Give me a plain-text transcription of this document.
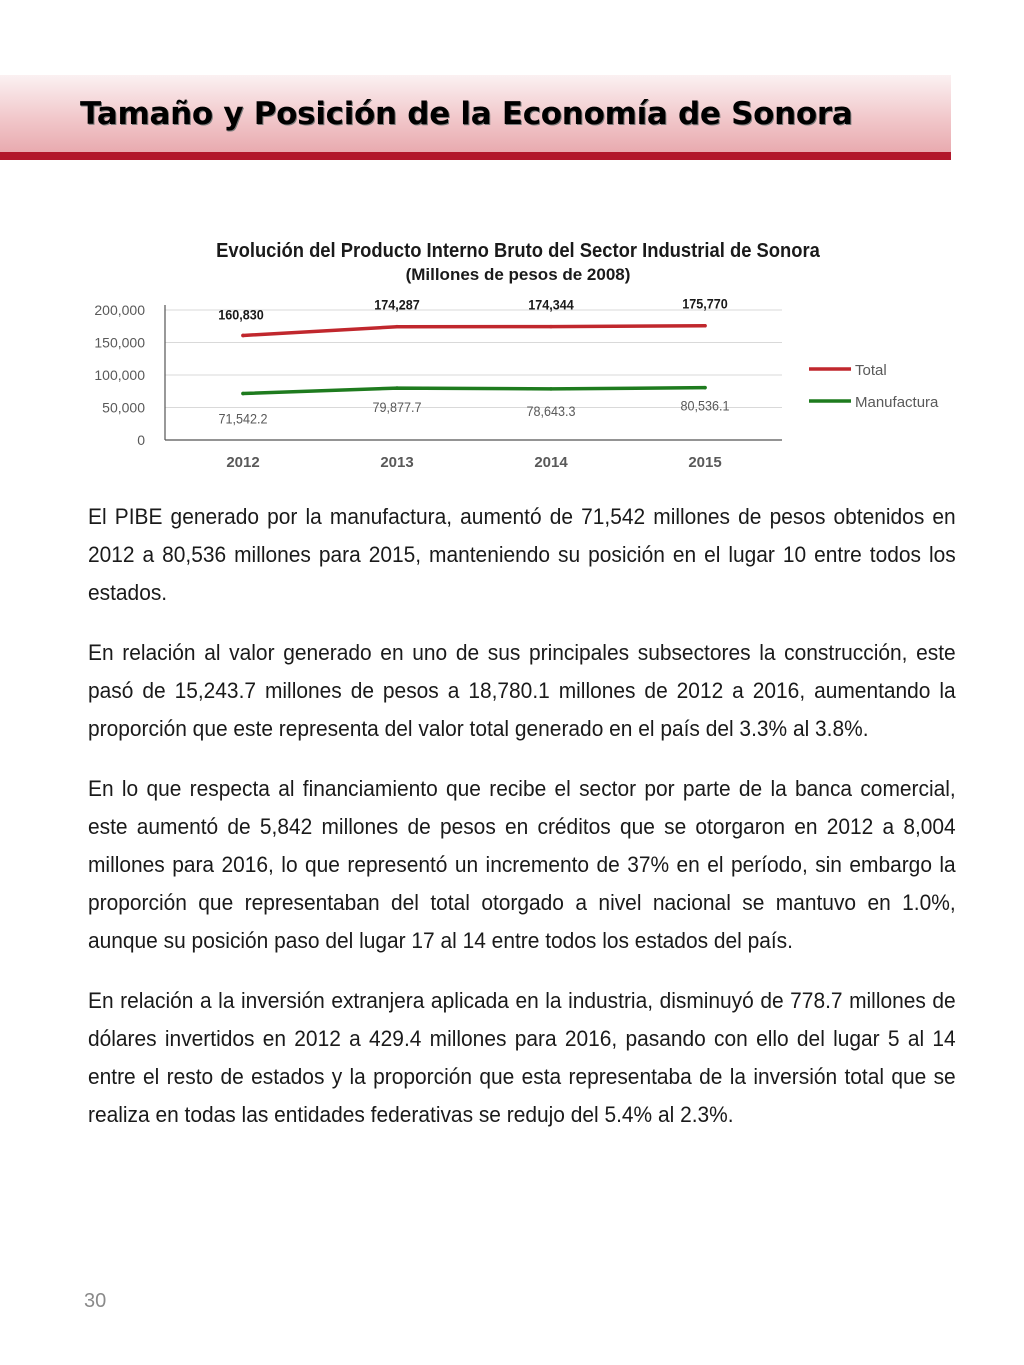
Tamaño y Posición de la Economía de Sonora
Evolución del Producto Interno Bruto del Sector Industrial de Sonora
(Millones de pesos de 2008)
200,000
150,000
100,000
50,000
0
2012	2013	2014	2015
160,830
174,287	174,344	175,770
71,542.2
79,877.7	78,643.3	80,536.1
Total
Manufactura

El PIBE generado por la manufactura, aumentó de 71,542 millones de pesos obtenidos en 2012 a 80,536 millones para 2015, manteniendo su posición en el lugar 10 entre todos los estados.

En relación al valor generado en uno de sus principales subsectores la construcción, este pasó de 15,243.7 millones de pesos a 18,780.1 millones de 2012 a 2016, aumentando la proporción que este representa del valor total generado en el país del 3.3% al 3.8%.

En lo que respecta al financiamiento que recibe el sector por parte de la banca comercial, este aumentó de 5,842 millones de pesos en créditos que se otorgaron en 2012 a 8,004 millones para 2016, lo que representó un incremento de 37% en el período, sin embargo la proporción que representaban del total otorgado a nivel nacional se mantuvo en 1.0%, aunque su posición paso del lugar 17 al 14 entre todos los estados del país.

En relación a la inversión extranjera aplicada en la industria, disminuyó de 778.7 millones de dólares invertidos en 2012 a 429.4 millones para 2016, pasando con ello del lugar 5 al 14 entre el resto de estados y la proporción que esta representaba de la inversión total que se realiza en todas las entidades federativas se redujo del 5.4% al 2.3%.

30
